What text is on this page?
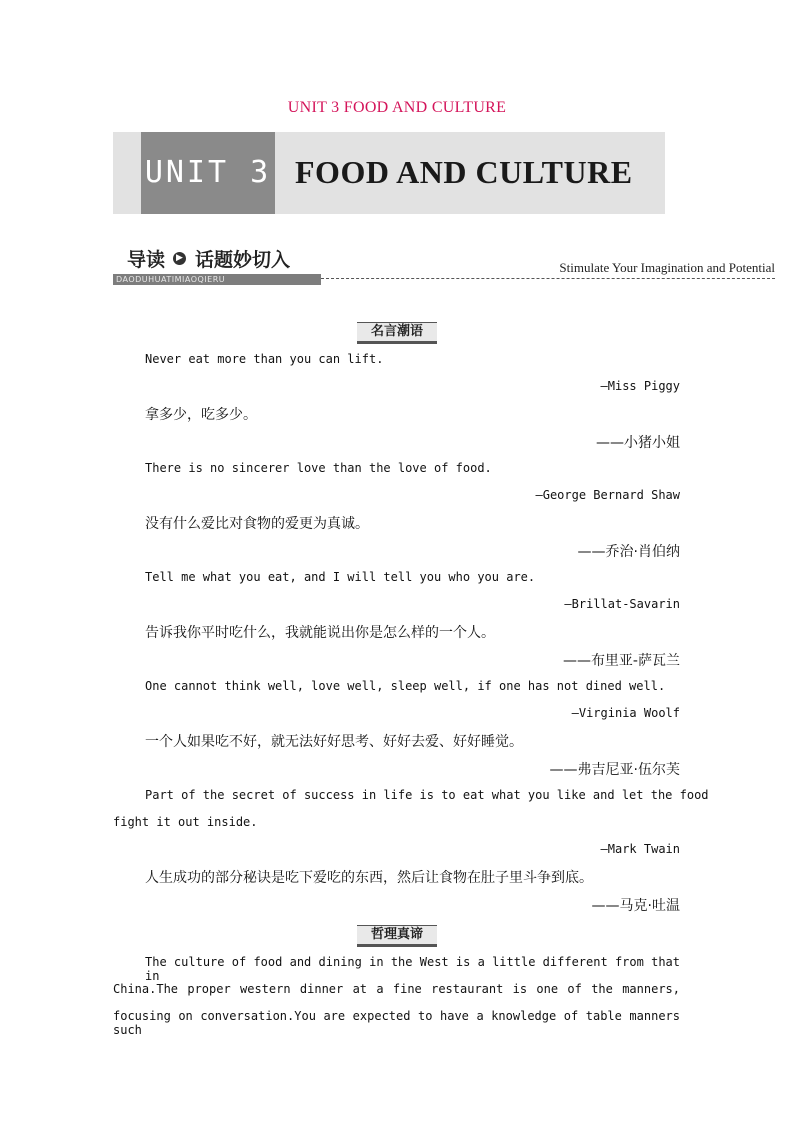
UNIT 3 FOOD AND CULTURE
UNIT 3 FOOD AND CULTURE
导读	▶ 话题妙切入
DAODUHUATIMIAOQIERU
Stimulate Your Imagination and Potential
名言潮语
Never eat more than you can lift.
—Miss Piggy
拿多少，吃多少。
——小猪小姐
There is no sincerer love than the love of food.
—George Bernard Shaw
没有什么爱比对食物的爱更为真诚。
——乔治·肖伯纳
Tell me what you eat, and I will tell you who you are.
—Brillat-Savarin
告诉我你平时吃什么，我就能说出你是怎么样的一个人。
——布里亚-萨瓦兰
One cannot think well, love well, sleep well, if one has not dined well.
—Virginia Woolf
一个人如果吃不好，就无法好好思考、好好去爱、好好睡觉。
——弗吉尼亚·伍尔芙
Part of the secret of success in life is to eat what you like and let the food
fight it out inside.
—Mark Twain
人生成功的部分秘诀是吃下爱吃的东西，然后让食物在肚子里斗争到底。
——马克·吐温
哲理真谛
The culture of food and dining in the West is a little different from that in
China.The proper western dinner at a fine restaurant is one of the manners,
focusing on conversation.You are expected to have a knowledge of table manners such
